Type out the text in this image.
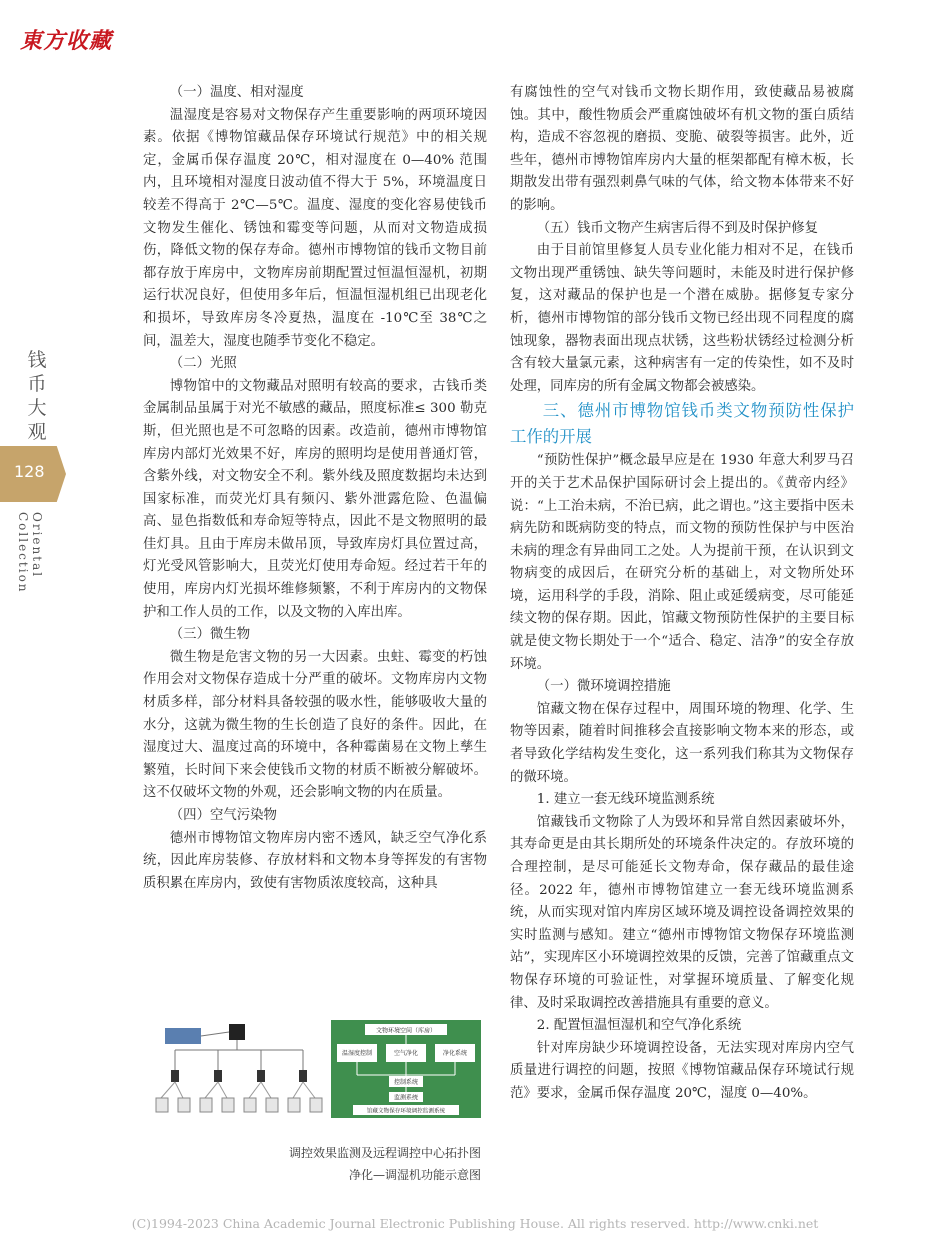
東方收藏
钱币大观
128
Oriental Collection

（一）温度、相对湿度

温湿度是容易对文物保存产生重要影响的两项环境因素。依据《博物馆藏品保存环境试行规范》中的相关规定，金属币保存温度 20℃，相对湿度在 0—40% 范围内，且环境相对湿度日波动值不得大于 5%，环境温度日较差不得高于 2℃—5℃。温度、湿度的变化容易使钱币文物发生催化、锈蚀和霉变等问题，从而对文物造成损伤，降低文物的保存寿命。德州市博物馆的钱币文物目前都存放于库房中，文物库房前期配置过恒温恒湿机，初期运行状况良好，但使用多年后，恒温恒湿机组已出现老化和损坏，导致库房冬冷夏热，温度在 -10℃至 38℃之间，温差大，湿度也随季节变化不稳定。

（二）光照

博物馆中的文物藏品对照明有较高的要求，古钱币类金属制品虽属于对光不敏感的藏品，照度标准≤ 300 勒克斯，但光照也是不可忽略的因素。改造前，德州市博物馆库房内部灯光效果不好，库房的照明均是使用普通灯管，含紫外线，对文物安全不利。紫外线及照度数据均未达到国家标准，而荧光灯具有频闪、紫外泄露危险、色温偏高、显色指数低和寿命短等特点，因此不是文物照明的最佳灯具。且由于库房未做吊顶，导致库房灯具位置过高，灯光受风管影响大，且荧光灯使用寿命短。经过若干年的使用，库房内灯光损坏维修频繁，不利于库房内的文物保护和工作人员的工作，以及文物的入库出库。

（三）微生物

微生物是危害文物的另一大因素。虫蛀、霉变的朽蚀作用会对文物保存造成十分严重的破坏。文物库房内文物材质多样，部分材料具备较强的吸水性，能够吸收大量的水分，这就为微生物的生长创造了良好的条件。因此，在湿度过大、温度过高的环境中，各种霉菌易在文物上孳生繁殖，长时间下来会使钱币文物的材质不断被分解破坏。这不仅破坏文物的外观，还会影响文物的内在质量。

（四）空气污染物

德州市博物馆文物库房内密不透风，缺乏空气净化系统，因此库房装修、存放材料和文物本身等挥发的有害物质积累在库房内，致使有害物质浓度较高，这种具

有腐蚀性的空气对钱币文物长期作用，致使藏品易被腐蚀。其中，酸性物质会严重腐蚀破坏有机文物的蛋白质结构，造成不容忽视的磨损、变脆、破裂等损害。此外，近些年，德州市博物馆库房内大量的框架都配有樟木板，长期散发出带有强烈刺鼻气味的气体，给文物本体带来不好的影响。

（五）钱币文物产生病害后得不到及时保护修复

由于目前馆里修复人员专业化能力相对不足，在钱币文物出现严重锈蚀、缺失等问题时，未能及时进行保护修复，这对藏品的保护也是一个潜在威胁。据修复专家分析，德州市博物馆的部分钱币文物已经出现不同程度的腐蚀现象，器物表面出现点状锈，这些粉状锈经过检测分析含有较大量氯元素，这种病害有一定的传染性，如不及时处理，同库房的所有金属文物都会被感染。

三、德州市博物馆钱币类文物预防性保护工作的开展

“预防性保护”概念最早应是在 1930 年意大利罗马召开的关于艺术品保护国际研讨会上提出的。《黄帝内经》说：“上工治未病，不治已病，此之谓也。”这主要指中医未病先防和既病防变的特点，而文物的预防性保护与中医治未病的理念有异曲同工之处。人为提前干预，在认识到文物病变的成因后，在研究分析的基础上，对文物所处环境，运用科学的手段，消除、阻止或延缓病变，尽可能延续文物的保存期。因此，馆藏文物预防性保护的主要目标就是使文物长期处于一个“适合、稳定、洁净”的安全存放环境。

（一）微环境调控措施

馆藏文物在保存过程中，周围环境的物理、化学、生物等因素，随着时间推移会直接影响文物本来的形态，或者导致化学结构发生变化，这一系列我们称其为文物保存的微环境。

1. 建立一套无线环境监测系统

馆藏钱币文物除了人为毁坏和异常自然因素破坏外，其寿命更是由其长期所处的环境条件决定的。存放环境的合理控制，是尽可能延长文物寿命，保存藏品的最佳途径。2022 年，德州市博物馆建立一套无线环境监测系统，从而实现对馆内库房区域环境及调控设备调控效果的实时监测与感知。建立“德州市博物馆文物保存环境监测站”，实现库区小环境调控效果的反馈，完善了馆藏重点文物保存环境的可验证性，对掌握环境质量、了解变化规律、及时采取调控改善措施具有重要的意义。

2. 配置恒温恒湿机和空气净化系统

针对库房缺少环境调控设备，无法实现对库房内空气质量进行调控的问题，按照《博物馆藏品保存环境试行规范》要求，金属币保存温度 20℃，湿度 0—40%。

文物环境空间（库房）
温湿度控制	空气净化	净化系统
控制系统
监测系统
馆藏文物保存环境调控监测系统
调控效果监测及远程调控中心拓扑图
净化—调湿机功能示意图
(C)1994-2023 China Academic Journal Electronic Publishing House. All rights reserved. http://www.cnki.net
